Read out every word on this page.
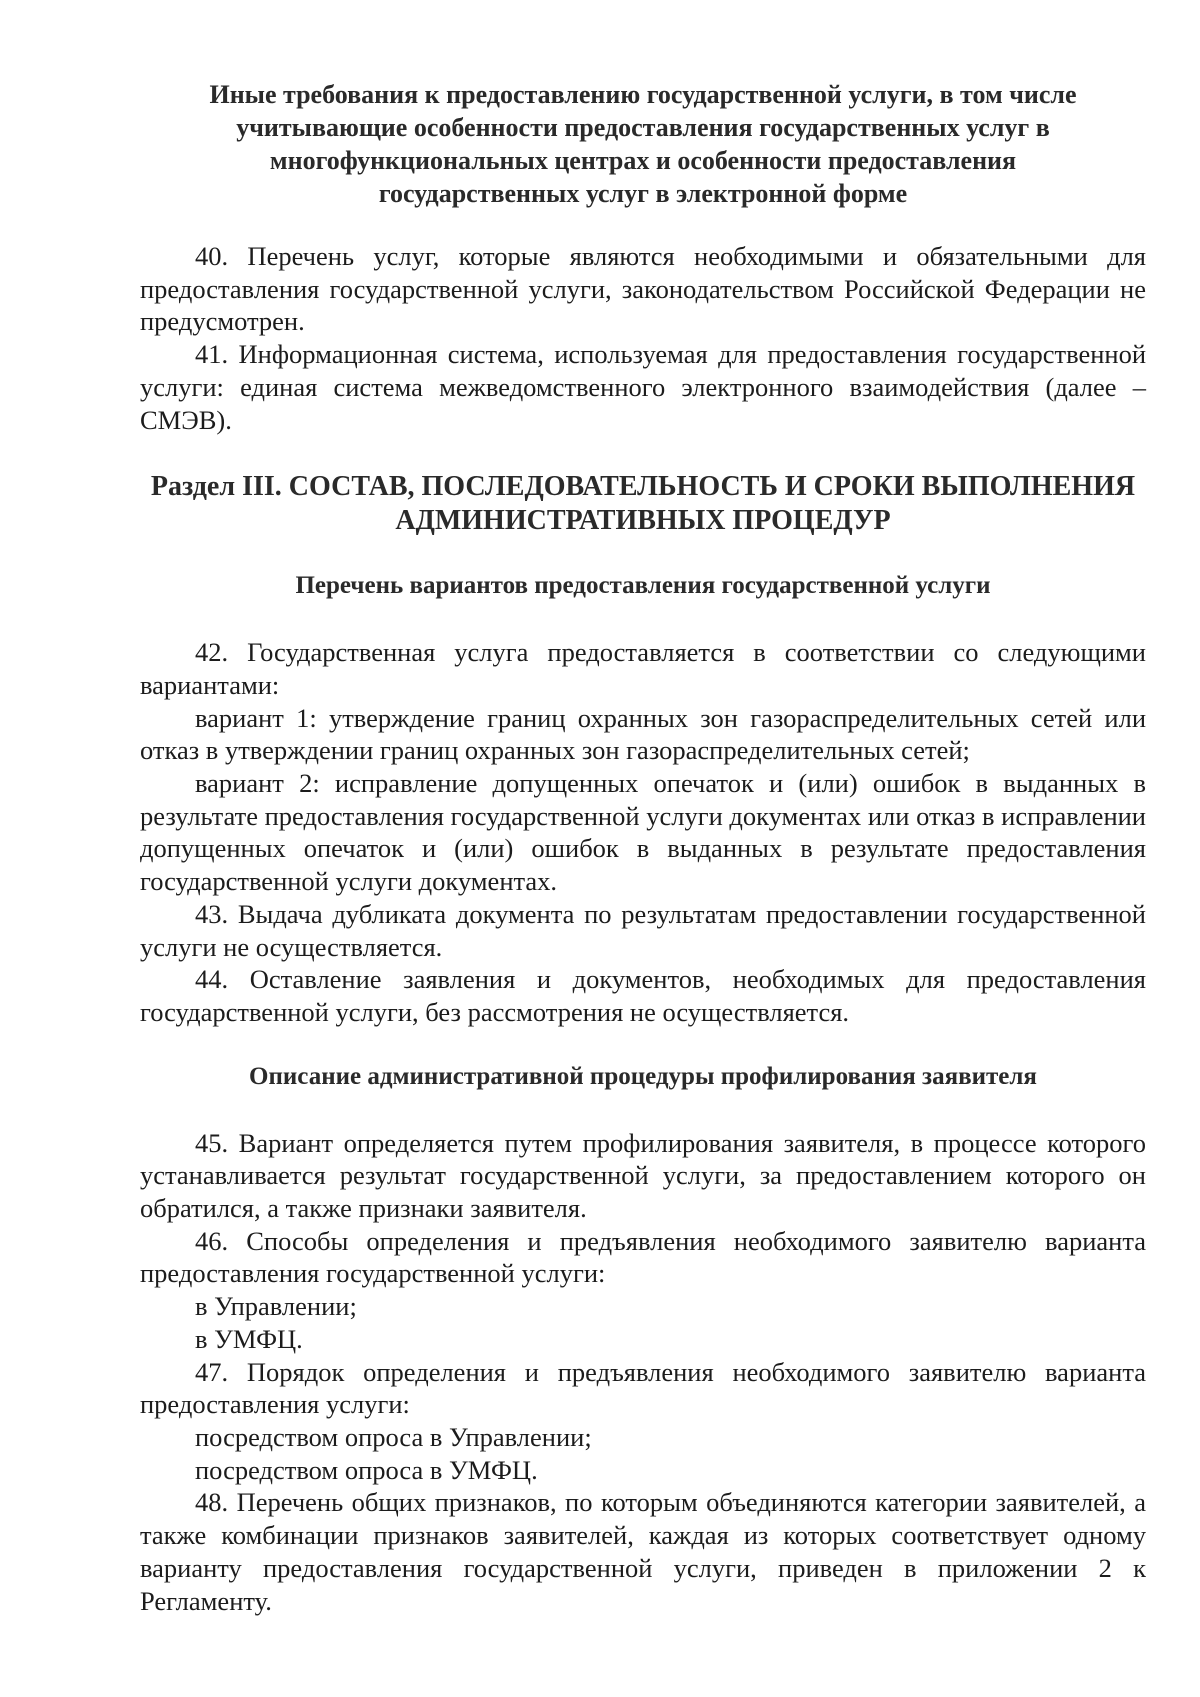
Иные требования к предоставлению государственной услуги, в том числе
учитывающие особенности предоставления государственных услуг в
многофункциональных центрах и особенности предоставления
государственных услуг в электронной форме

40. Перечень услуг, которые являются необходимыми и обязательными для предоставления государственной услуги, законодательством Российской Федерации не предусмотрен.

41. Информационная система, используемая для предоставления государственной услуги: единая система межведомственного электронного взаимодействия (далее – СМЭВ).

Раздел III. СОСТАВ, ПОСЛЕДОВАТЕЛЬНОСТЬ И СРОКИ ВЫПОЛНЕНИЯ
АДМИНИСТРАТИВНЫХ ПРОЦЕДУР
Перечень вариантов предоставления государственной услуги

42. Государственная услуга предоставляется в соответствии со следующими вариантами:

вариант 1: утверждение границ охранных зон газораспределительных сетей или отказ в утверждении границ охранных зон газораспределительных сетей;

вариант 2: исправление допущенных опечаток и (или) ошибок в выданных в результате предоставления государственной услуги документах или отказ в исправлении допущенных опечаток и (или) ошибок в выданных в результате предоставления государственной услуги документах.

43. Выдача дубликата документа по результатам предоставлении государственной услуги не осуществляется.

44. Оставление заявления и документов, необходимых для предоставления государственной услуги, без рассмотрения не осуществляется.

Описание административной процедуры профилирования заявителя

45. Вариант определяется путем профилирования заявителя, в процессе которого устанавливается результат государственной услуги, за предоставлением которого он обратился, а также признаки заявителя.

46. Способы определения и предъявления необходимого заявителю варианта предоставления государственной услуги:

в Управлении;

в УМФЦ.

47. Порядок определения и предъявления необходимого заявителю варианта предоставления услуги:

посредством опроса в Управлении;

посредством опроса в УМФЦ.

48. Перечень общих признаков, по которым объединяются категории заявителей, а также комбинации признаков заявителей, каждая из которых соответствует одному варианту предоставления государственной услуги, приведен в приложении 2 к Регламенту.
